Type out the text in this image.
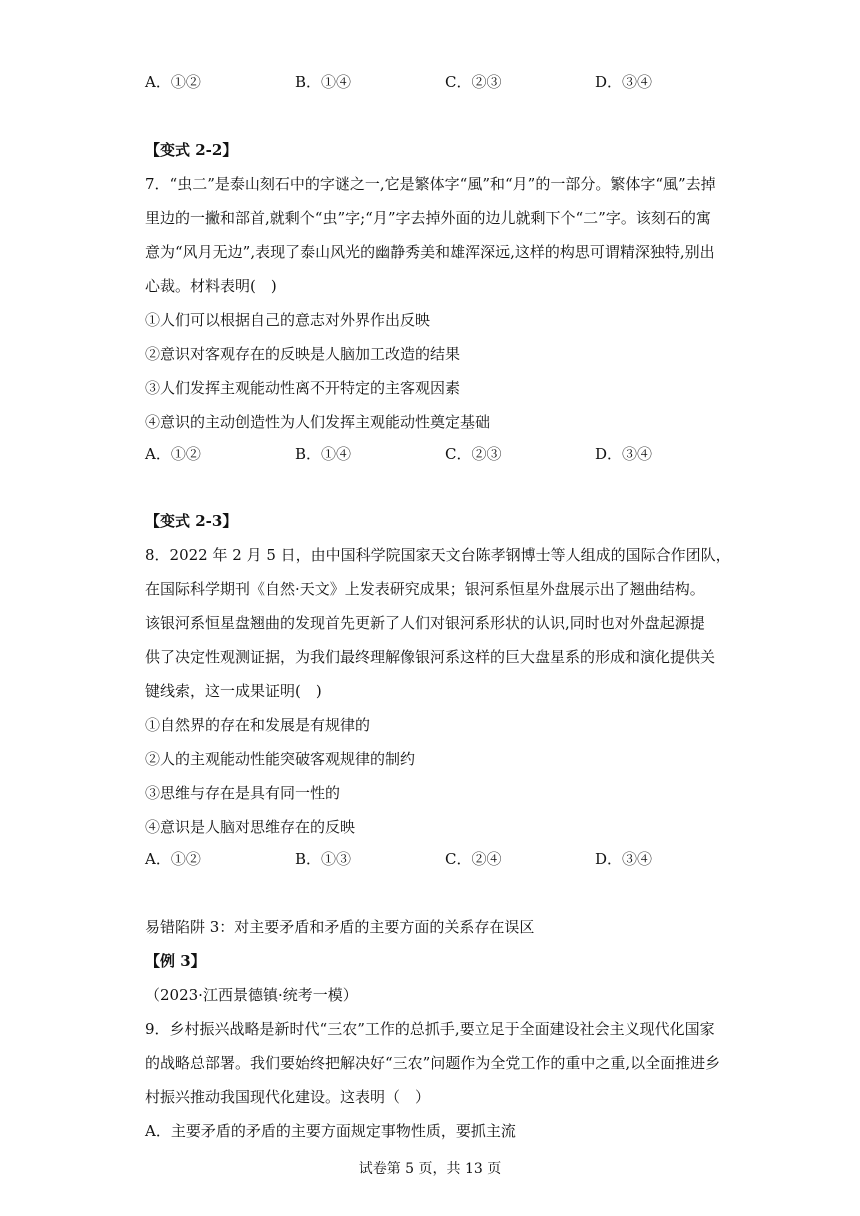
A．①②	B．①④	C．②③	D．③④
【变式 2-2】
7．“虫二”是泰山刻石中的字谜之一,它是繁体字“風”和“月”的一部分。繁体字“風”去掉
里边的一撇和部首,就剩个“虫”字;“月”字去掉外面的边儿就剩下个“二”字。该刻石的寓
意为“风月无边”,表现了泰山风光的幽静秀美和雄浑深远,这样的构思可谓精深独特,别出
心裁。材料表明(　)
①人们可以根据自己的意志对外界作出反映
②意识对客观存在的反映是人脑加工改造的结果
③人们发挥主观能动性离不开特定的主客观因素
④意识的主动创造性为人们发挥主观能动性奠定基础
A．①②	B．①④	C．②③	D．③④
【变式 2-3】
8．2022 年 2 月 5 日，由中国科学院国家天文台陈孝钢博士等人组成的国际合作团队，
在国际科学期刊《自然·天文》上发表研究成果；银河系恒星外盘展示出了翘曲结构。
该银河系恒星盘翘曲的发现首先更新了人们对银河系形状的认识,同时也对外盘起源提
供了决定性观测证据，为我们最终理解像银河系这样的巨大盘星系的形成和演化提供关
键线索，这一成果证明(　)
①自然界的存在和发展是有规律的
②人的主观能动性能突破客观规律的制约
③思维与存在是具有同一性的
④意识是人脑对思维存在的反映
A．①②	B．①③	C．②④	D．③④
易错陷阱 3：对主要矛盾和矛盾的主要方面的关系存在误区
【例 3】
（2023·江西景德镇·统考一模）
9．乡村振兴战略是新时代“三农”工作的总抓手,要立足于全面建设社会主义现代化国家
的战略总部署。我们要始终把解决好“三农”问题作为全党工作的重中之重,以全面推进乡
村振兴推动我国现代化建设。这表明（　）
A．主要矛盾的矛盾的主要方面规定事物性质，要抓主流
试卷第 5 页，共 13 页
